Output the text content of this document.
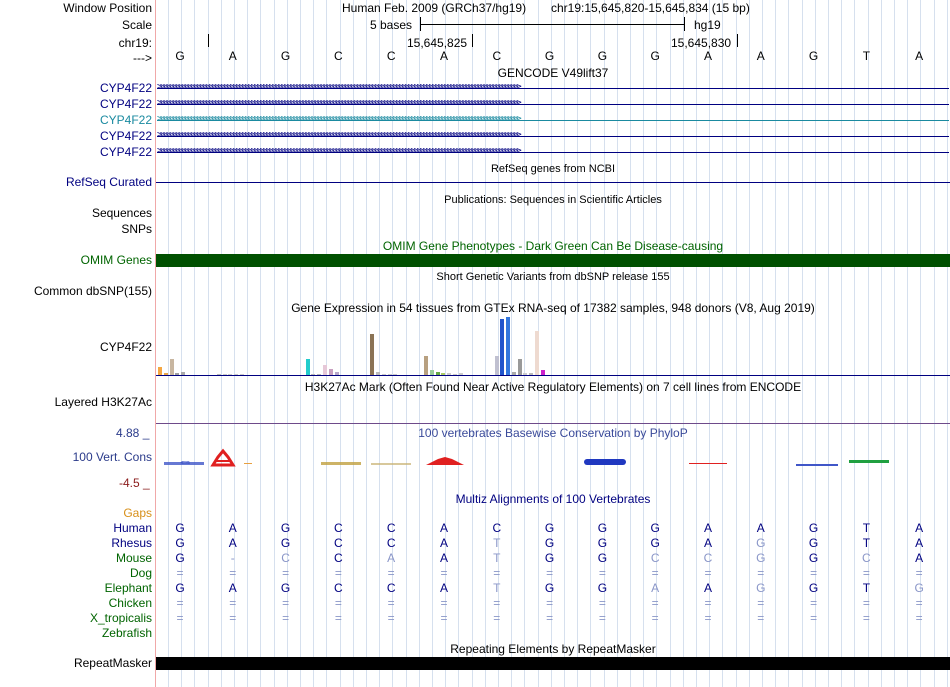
Window Position	Human Feb. 2009 (GRCh37/hg19) chr19:15,645,820-15,645,834 (15 bp)
Scale	5 bases	hg19
chr19:	15,645,825	15,645,830
--->	G	A	G	C	C	A	C	G	G	G	A	A	G	T	A
GENCODE V49lift37
CYP4F22 >>>>>>>>>>>>>>>>>>>>>>>>>>>>>>>>>>>>>>>>>>>>>>>>>>>>>>>>>>>>>>>>>>>>>>>>>>>>>>>>>>>>>>>>>>>>>>>>>>>>>>>>>>>>>>>>>>>>>>>>
CYP4F22 >>>>>>>>>>>>>>>>>>>>>>>>>>>>>>>>>>>>>>>>>>>>>>>>>>>>>>>>>>>>>>>>>>>>>>>>>>>>>>>>>>>>>>>>>>>>>>>>>>>>>>>>>>>>>>>>>>>>>>>>
CYP4F22 >>>>>>>>>>>>>>>>>>>>>>>>>>>>>>>>>>>>>>>>>>>>>>>>>>>>>>>>>>>>>>>>>>>>>>>>>>>>>>>>>>>>>>>>>>>>>>>>>>>>>>>>>>>>>>>>>>>>>>>>
CYP4F22 >>>>>>>>>>>>>>>>>>>>>>>>>>>>>>>>>>>>>>>>>>>>>>>>>>>>>>>>>>>>>>>>>>>>>>>>>>>>>>>>>>>>>>>>>>>>>>>>>>>>>>>>>>>>>>>>>>>>>>>>
CYP4F22 >>>>>>>>>>>>>>>>>>>>>>>>>>>>>>>>>>>>>>>>>>>>>>>>>>>>>>>>>>>>>>>>>>>>>>>>>>>>>>>>>>>>>>>>>>>>>>>>>>>>>>>>>>>>>>>>>>>>>>>>
RefSeq genes from NCBI
RefSeq Curated
Publications: Sequences in Scientific Articles
Sequences
SNPs
OMIM Gene Phenotypes - Dark Green Can Be Disease-causing
OMIM Genes
Short Genetic Variants from dbSNP release 155
Common dbSNP(155)
Gene Expression in 54 tissues from GTEx RNA-seq of 17382 samples, 948 donors (V8, Aug 2019)
CYP4F22
H3K27Ac Mark (Often Found Near Active Regulatory Elements) on 7 cell lines from ENCODE
Layered H3K27Ac
100 vertebrates Basewise Conservation by PhyloP
4.88 _
100 Vert. Cons
-4.5 _
Multiz Alignments of 100 Vertebrates
Gaps
Human	G	A	G	C	C	A	C	G	G	G	A	A	G	T	A
Rhesus	G	A	G	C	C	A	T	G	G	G	A	G	G	T	A
Mouse	G	-	C	C	A	A	T	G	G	C	C	G	G	C	A
Dog	=	=	=	=	=	=	=	=	=	=	=	=	=	=	=
Elephant	G	A	G	C	C	A	T	G	G	A	A	G	G	T	G
Chicken	=	=	=	=	=	=	=	=	=	=	=	=	=	=	=
X_tropicalis	=	=	=	=	=	=	=	=	=	=	=	=	=	=	=
Zebrafish
Repeating Elements by RepeatMasker
RepeatMasker
